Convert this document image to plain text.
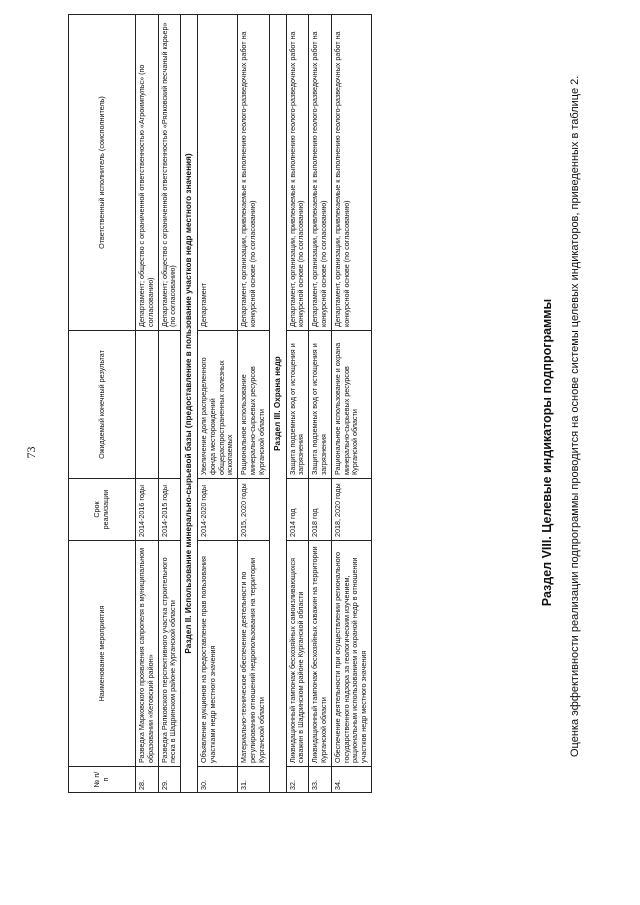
73
№ п/п	Наименование мероприятия	Срок реализации	Ожидаемый конечный результат	Ответственный исполнитель (соисполнитель)
28.	Разведка Марковского проявления сапропеля в муниципальном образовании «Кетовский район»	2014-2016 годы		Департамент; общество с ограниченной ответственностью «Агроимпульс» (по согласованию)
29.	Разведка Рялковского перспективного участка строительного песка в Шадринском районе Курганской области	2014-2015 годы		Департамент; общество с ограниченной ответственностью «Рялковский песчаный карьер» (по согласованию)
Раздел II. Использование минерально-сырьевой базы (предоставление в пользование участков недр местного значения)				
30.	Объявление аукционов на предоставление прав пользования участками недр местного значения	2014-2020 годы	Увеличение доли распределенного фонда месторождений общераспространенных полезных ископаемых	Департамент
31.	Материально-техническое обеспечение деятельности по регулированию отношений недропользования на территории Курганской области	2015, 2020 годы	Рациональное использование минерально-сырьевых ресурсов Курганской области	Департамент, организации, привлекаемые к выполнению геолого-разведочных работ на конкурсной основе (по согласованию)
Раздел III. Охрана недр				
32.	Ликвидационный тампонаж бесхозяйных самоизливающихся скважин в Шадринском районе Курганской области	2014 год	Защита подземных вод от истощения и загрязнения	Департамент, организации, привлекаемые к выполнению геолого-разведочных работ на конкурсной основе (по согласованию)
33.	Ликвидационный тампонаж бесхозяйных скважин на территории Курганской области	2018 год	Защита подземных вод от истощения и загрязнения	Департамент, организации, привлекаемые к выполнению геолого-разведочных работ на конкурсной основе (по согласованию)
34.	Обеспечение деятельности при осуществлении регионального государственного надзора за геологическим изучением, рациональным использованием и охраной недр в отношении участков недр местного значения	2018, 2020 годы	Рациональное использование и охрана минерально-сырьевых ресурсов Курганской области	Департамент, организации, привлекаемые к выполнению геолого-разведочных работ на конкурсной основе (по согласованию)
Раздел VIII. Целевые индикаторы подпрограммы Оценка эффективности реализации подпрограммы проводится на основе системы целевых индикаторов, приведенных в таблице 2.
